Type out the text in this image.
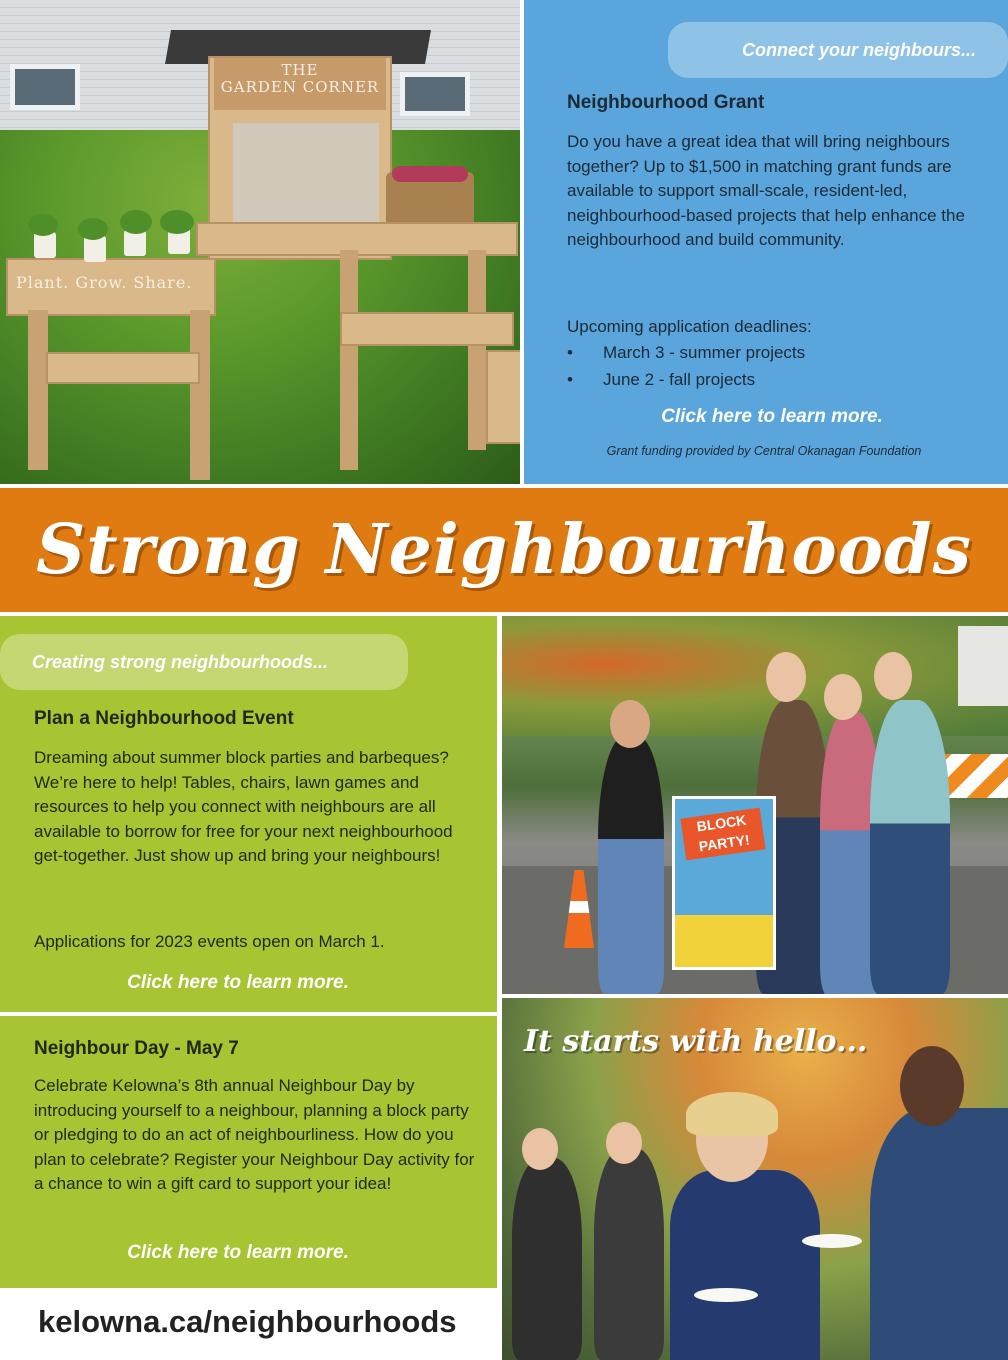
THE
GARDEN CORNER
Plant. Grow. Share.
Connect your neighbours...
Neighbourhood Grant
Do you have a great idea that will bring neighbours together? Up to $1,500 in matching grant funds are available to support small-scale, resident-led, neighbourhood-based projects that help enhance the neighbourhood and build community.
Upcoming application deadlines:
• March 3 - summer projects
• June 2 - fall projects
Click here to learn more.
Grant funding provided by Central Okanagan Foundation
Strong Neighbourhoods
Creating strong neighbourhoods...
Plan a Neighbourhood Event
Dreaming about summer block parties and barbeques? We’re here to help! Tables, chairs, lawn games and resources to help you connect with neighbours are all available to borrow for free for your next neighbourhood get-together. Just show up and bring your neighbours!
Applications for 2023 events open on March 1.
Click here to learn more.
Neighbour Day - May 7
Celebrate Kelowna’s 8th annual Neighbour Day by introducing yourself to a neighbour, planning a block party or pledging to do an act of neighbourliness. How do you plan to celebrate? Register your Neighbour Day activity for a chance to win a gift card to support your idea!
Click here to learn more.
kelowna.ca/neighbourhoods
BLOCK
PARTY!
It starts with hello...
